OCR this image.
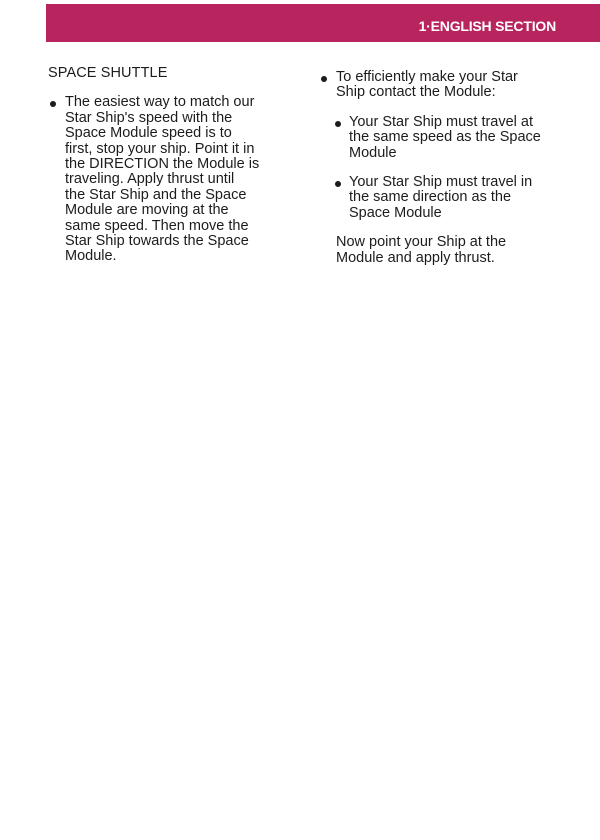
1·ENGLISH SECTION
SPACE SHUTTLE
The easiest way to match our
Star Ship's speed with the
Space Module speed is to
first, stop your ship. Point it in
the DIRECTION the Module is
traveling. Apply thrust until
the Star Ship and the Space
Module are moving at the
same speed. Then move the
Star Ship towards the Space
Module.
To efficiently make your Star
Ship contact the Module:
Your Star Ship must travel at
the same speed as the Space
Module
Your Star Ship must travel in
the same direction as the
Space Module
Now point your Ship at the
Module and apply thrust.
